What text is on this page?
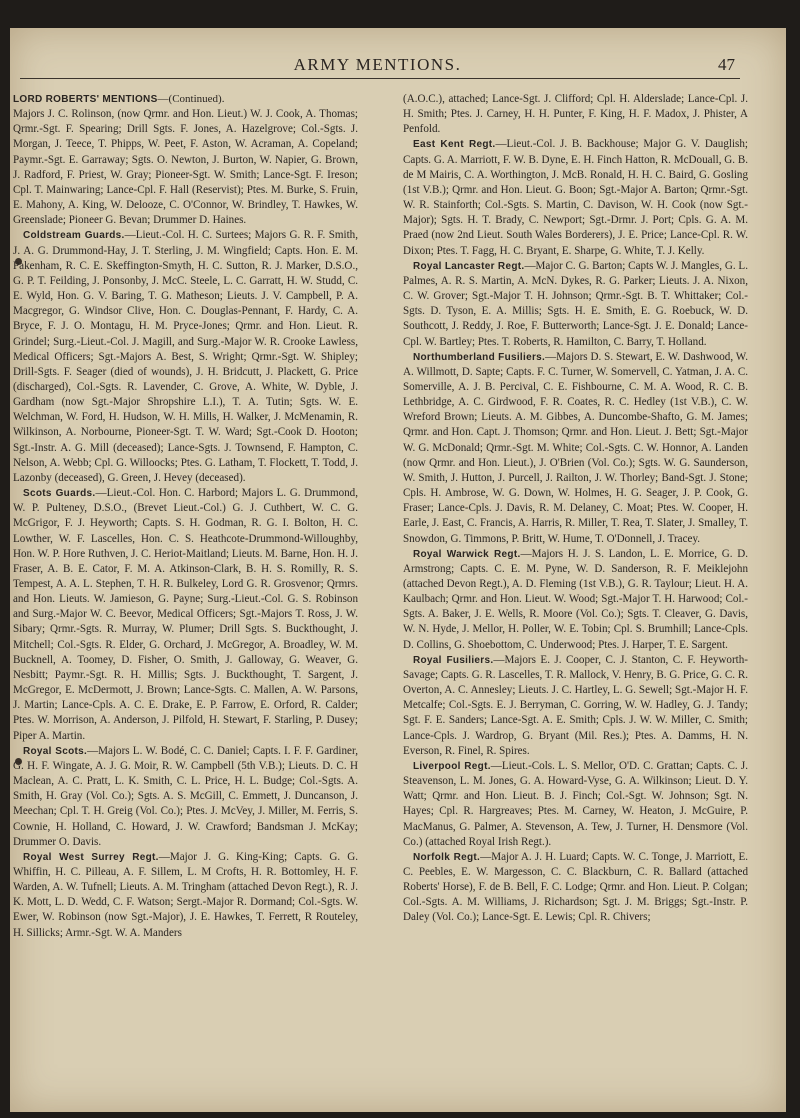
ARMY MENTIONS.	47

LORD ROBERTS' MENTIONS—(Continued).
Majors J. C. Rolinson, (now Qrmr. and Hon. Lieut.) W. J. Cook, A. Thomas; Qrmr.-Sgt. F. Spearing; Drill Sgts. F. Jones, A. Hazelgrove; Col.-Sgts. J. Morgan, J. Teece, T. Phipps, W. Peet, F. Aston, W. Acraman, A. Copeland; Paymr.-Sgt. E. Garraway; Sgts. O. Newton, J. Burton, W. Napier, G. Brown, J. Radford, F. Priest, W. Gray; Pioneer-Sgt. W. Smith; Lance-Sgt. F. Ireson; Cpl. T. Mainwaring; Lance-Cpl. F. Hall (Reservist); Ptes. M. Burke, S. Fruin, E. Mahony, A. King, W. Delooze, C. O'Connor, W. Brindley, T. Hawkes, W. Greenslade; Pioneer G. Bevan; Drummer D. Haines.

Coldstream Guards.—Lieut.-Col. H. C. Surtees; Majors G. R. F. Smith, J. A. G. Drummond-Hay, J. T. Sterling, J. M. Wingfield; Capts. Hon. E. M. Pakenham, R. C. E. Skeffington-Smyth, H. C. Sutton, R. J. Marker, D.S.O., G. P. T. Feilding, J. Ponsonby, J. McC. Steele, L. C. Garratt, H. W. Studd, C. E. Wyld, Hon. G. V. Baring, T. G. Matheson; Lieuts. J. V. Campbell, P. A. Macgregor, G. Windsor Clive, Hon. C. Douglas-Pennant, F. Hardy, C. A. Bryce, F. J. O. Montagu, H. M. Pryce-Jones; Qrmr. and Hon. Lieut. R. Grindel; Surg.-Lieut.-Col. J. Magill, and Surg.-Major W. R. Crooke Lawless, Medical Officers; Sgt.-Majors A. Best, S. Wright; Qrmr.-Sgt. W. Shipley; Drill-Sgts. F. Seager (died of wounds), J. H. Bridcutt, J. Plackett, G. Price (discharged), Col.-Sgts. R. Lavender, C. Grove, A. White, W. Dyble, J. Gardham (now Sgt.-Major Shropshire L.I.), T. A. Tutin; Sgts. W. E. Welchman, W. Ford, H. Hudson, W. H. Mills, H. Walker, J. McMenamin, R. Wilkinson, A. Norbourne, Pioneer-Sgt. T. W. Ward; Sgt.-Cook D. Hooton; Sgt.-Instr. A. G. Mill (deceased); Lance-Sgts. J. Townsend, F. Hampton, C. Nelson, A. Webb; Cpl. G. Willoocks; Ptes. G. Latham, T. Flockett, T. Todd, J. Lazonby (deceased), G. Green, J. Hevey (deceased).

Scots Guards.—Lieut.-Col. Hon. C. Harbord; Majors L. G. Drummond, W. P. Pulteney, D.S.O., (Brevet Lieut.-Col.) G. J. Cuthbert, W. C. G. McGrigor, F. J. Heyworth; Capts. S. H. Godman, R. G. I. Bolton, H. C. Lowther, W. F. Lascelles, Hon. C. S. Heathcote-Drummond-Willoughby, Hon. W. P. Hore Ruthven, J. C. Heriot-Maitland; Lieuts. M. Barne, Hon. H. J. Fraser, A. B. E. Cator, F. M. A. Atkinson-Clark, B. H. S. Romilly, R. S. Tempest, A. A. L. Stephen, T. H. R. Bulkeley, Lord G. R. Grosvenor; Qrmrs. and Hon. Lieuts. W. Jamieson, G. Payne; Surg.-Lieut.-Col. G. S. Robinson and Surg.-Major W. C. Beevor, Medical Officers; Sgt.-Majors T. Ross, J. W. Sibary; Qrmr.-Sgts. R. Murray, W. Plumer; Drill Sgts. S. Buckthought, J. Mitchell; Col.-Sgts. R. Elder, G. Orchard, J. McGregor, A. Broadley, W. M. Bucknell, A. Toomey, D. Fisher, O. Smith, J. Galloway, G. Weaver, G. Nesbitt; Paymr.-Sgt. R. H. Millis; Sgts. J. Buckthought, T. Sargent, J. McGregor, E. McDermott, J. Brown; Lance-Sgts. C. Mallen, A. W. Parsons, J. Martin; Lance-Cpls. A. C. E. Drake, E. P. Farrow, E. Orford, R. Calder; Ptes. W. Morrison, A. Anderson, J. Pilfold, H. Stewart, F. Starling, P. Dusey; Piper A. Martin.

Royal Scots.—Majors L. W. Bodé, C. C. Daniel; Capts. I. F. F. Gardiner, G. H. F. Wingate, A. J. G. Moir, R. W. Campbell (5th V.B.); Lieuts. D. C. H Maclean, A. C. Pratt, L. K. Smith, C. L. Price, H. L. Budge; Col.-Sgts. A. Smith, H. Gray (Vol. Co.); Sgts. A. S. McGill, C. Emmett, J. Duncanson, J. Meechan; Cpl. T. H. Greig (Vol. Co.); Ptes. J. McVey, J. Miller, M. Ferris, S. Cownie, H. Holland, C. Howard, J. W. Crawford; Bandsman J. McKay; Drummer O. Davis.

Royal West Surrey Regt.—Major J. G. King-King; Capts. G. G. Whiffin, H. C. Pilleau, A. F. Sillem, L. M Crofts, H. R. Bottomley, H. F. Warden, A. W. Tufnell; Lieuts. A. M. Tringham (attached Devon Regt.), R. J. K. Mott, L. D. Wedd, C. F. Watson; Sergt.-Major R. Dormand; Col.-Sgts. W. Ewer, W. Robinson (now Sgt.-Major), J. E. Hawkes, T. Ferrett, R Routeley, H. Sillicks; Armr.-Sgt. W. A. Manders

(A.O.C.), attached; Lance-Sgt. J. Clifford; Cpl. H. Alderslade; Lance-Cpl. J. H. Smith; Ptes. J. Carney, H. H. Punter, F. King, H. F. Madox, J. Phister, A Penfold.

East Kent Regt.—Lieut.-Col. J. B. Backhouse; Major G. V. Dauglish; Capts. G. A. Marriott, F. W. B. Dyne, E. H. Finch Hatton, R. McDouall, G. B. de M Mairis, C. A. Worthington, J. McB. Ronald, H. H. C. Baird, G. Gosling (1st V.B.); Qrmr. and Hon. Lieut. G. Boon; Sgt.-Major A. Barton; Qrmr.-Sgt. W. R. Stainforth; Col.-Sgts. S. Martin, C. Davison, W. H. Cook (now Sgt.-Major); Sgts. H. T. Brady, C. Newport; Sgt.-Drmr. J. Port; Cpls. G. A. M. Praed (now 2nd Lieut. South Wales Borderers), J. E. Price; Lance-Cpl. R. W. Dixon; Ptes. T. Fagg, H. C. Bryant, E. Sharpe, G. White, T. J. Kelly.

Royal Lancaster Regt.—Major C. G. Barton; Capts W. J. Mangles, G. L. Palmes, A. R. S. Martin, A. McN. Dykes, R. G. Parker; Lieuts. J. A. Nixon, C. W. Grover; Sgt.-Major T. H. Johnson; Qrmr.-Sgt. B. T. Whittaker; Col.-Sgts. D. Tyson, E. A. Millis; Sgts. H. E. Smith, E. G. Roebuck, W. D. Southcott, J. Reddy, J. Roe, F. Butterworth; Lance-Sgt. J. E. Donald; Lance-Cpl. W. Bartley; Ptes. T. Roberts, R. Hamilton, C. Barry, T. Holland.

Northumberland Fusiliers.—Majors D. S. Stewart, E. W. Dashwood, W. A. Willmott, D. Sapte; Capts. F. C. Turner, W. Somervell, C. Yatman, J. A. C. Somerville, A. J. B. Percival, C. E. Fishbourne, C. M. A. Wood, R. C. B. Lethbridge, A. C. Girdwood, F. R. Coates, R. C. Hedley (1st V.B.), C. W. Wreford Brown; Lieuts. A. M. Gibbes, A. Duncombe-Shafto, G. M. James; Qrmr. and Hon. Capt. J. Thomson; Qrmr. and Hon. Lieut. J. Bett; Sgt.-Major W. G. McDonald; Qrmr.-Sgt. M. White; Col.-Sgts. C. W. Honnor, A. Landen (now Qrmr. and Hon. Lieut.), J. O'Brien (Vol. Co.); Sgts. W. G. Saunderson, W. Smith, J. Hutton, J. Purcell, J. Railton, J. W. Thorley; Band-Sgt. J. Stone; Cpls. H. Ambrose, W. G. Down, W. Holmes, H. G. Seager, J. P. Cook, G. Fraser; Lance-Cpls. J. Davis, R. M. Delaney, C. Moat; Ptes. W. Cooper, H. Earle, J. East, C. Francis, A. Harris, R. Miller, T. Rea, T. Slater, J. Smalley, T. Snowdon, G. Timmons, P. Britt, W. Hume, T. O'Donnell, J. Tracey.

Royal Warwick Regt.—Majors H. J. S. Landon, L. E. Morrice, G. D. Armstrong; Capts. C. E. M. Pyne, W. D. Sanderson, R. F. Meiklejohn (attached Devon Regt.), A. D. Fleming (1st V.B.), G. R. Taylour; Lieut. H. A. Kaulbach; Qrmr. and Hon. Lieut. W. Wood; Sgt.-Major T. H. Harwood; Col.-Sgts. A. Baker, J. E. Wells, R. Moore (Vol. Co.); Sgts. T. Cleaver, G. Davis, W. N. Hyde, J. Mellor, H. Poller, W. E. Tobin; Cpl. S. Brumhill; Lance-Cpls. D. Collins, G. Shoebottom, C. Underwood; Ptes. J. Harper, T. E. Sargent.

Royal Fusiliers.—Majors E. J. Cooper, C. J. Stanton, C. F. Heyworth-Savage; Capts. G. R. Lascelles, T. R. Mallock, V. Henry, B. G. Price, G. C. R. Overton, A. C. Annesley; Lieuts. J. C. Hartley, L. G. Sewell; Sgt.-Major H. F. Metcalfe; Col.-Sgts. E. J. Berryman, C. Gorring, W. W. Hadley, G. J. Tandy; Sgt. F. E. Sanders; Lance-Sgt. A. E. Smith; Cpls. J. W. W. Miller, C. Smith; Lance-Cpls. J. Wardrop, G. Bryant (Mil. Res.); Ptes. A. Damms, H. N. Everson, R. Finel, R. Spires.

Liverpool Regt.—Lieut.-Cols. L. S. Mellor, O'D. C. Grattan; Capts. C. J. Steavenson, L. M. Jones, G. A. Howard-Vyse, G. A. Wilkinson; Lieut. D. Y. Watt; Qrmr. and Hon. Lieut. B. J. Finch; Col.-Sgt. W. Johnson; Sgt. N. Hayes; Cpl. R. Hargreaves; Ptes. M. Carney, W. Heaton, J. McGuire, P. MacManus, G. Palmer, A. Stevenson, A. Tew, J. Turner, H. Densmore (Vol. Co.) (attached Royal Irish Regt.).

Norfolk Regt.—Major A. J. H. Luard; Capts. W. C. Tonge, J. Marriott, E. C. Peebles, E. W. Margesson, C. C. Blackburn, C. R. Ballard (attached Roberts' Horse), F. de B. Bell, F. C. Lodge; Qrmr. and Hon. Lieut. P. Colgan; Col.-Sgts. A. M. Williams, J. Richardson; Sgt. J. M. Briggs; Sgt.-Instr. P. Daley (Vol. Co.); Lance-Sgt. E. Lewis; Cpl. R. Chivers;
